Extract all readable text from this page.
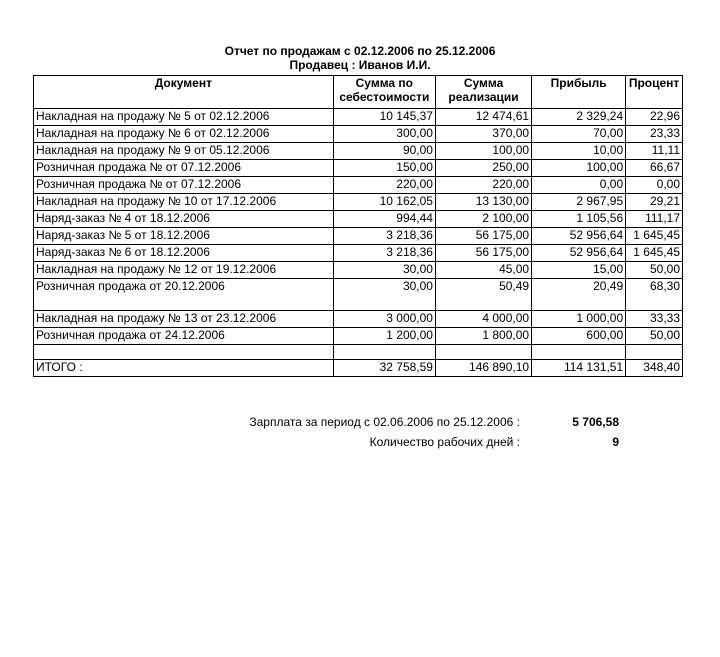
Отчет по продажам с 02.12.2006 по 25.12.2006
Продавец : Иванов И.И.
Документ	Сумма по себестоимости	Сумма реализации	Прибыль	Процент
Накладная на продажу № 5 от 02.12.2006	10 145,37	12 474,61	2 329,24	22,96
Накладная на продажу № 6 от 02.12.2006	300,00	370,00	70,00	23,33
Накладная на продажу № 9 от 05.12.2006	90,00	100,00	10,00	11,11
Розничная продажа № от 07.12.2006	150,00	250,00	100,00	66,67
Розничная продажа № от 07.12.2006	220,00	220,00	0,00	0,00
Накладная на продажу № 10 от 17.12.2006	10 162,05	13 130,00	2 967,95	29,21
Наряд-заказ № 4 от 18.12.2006	994,44	2 100,00	1 105,56	111,17
Наряд-заказ № 5 от 18.12.2006	3 218,36	56 175,00	52 956,64	1 645,45
Наряд-заказ № 6 от 18.12.2006	3 218,36	56 175,00	52 956,64	1 645,45
Накладная на продажу № 12 от 19.12.2006	30,00	45,00	15,00	50,00
Розничная продажа от 20.12.2006	30,00	50,49	20,49	68,30
Накладная на продажу № 13 от 23.12.2006	3 000,00	4 000,00	1 000,00	33,33
Розничная продажа от 24.12.2006	1 200,00	1 800,00	600,00	50,00

ИТОГО :	32 758,59	146 890,10	114 131,51	348,40
Зарплата за период с 02.06.2006 по 25.12.2006 :	5 706,58
Количество рабочих дней :	9
